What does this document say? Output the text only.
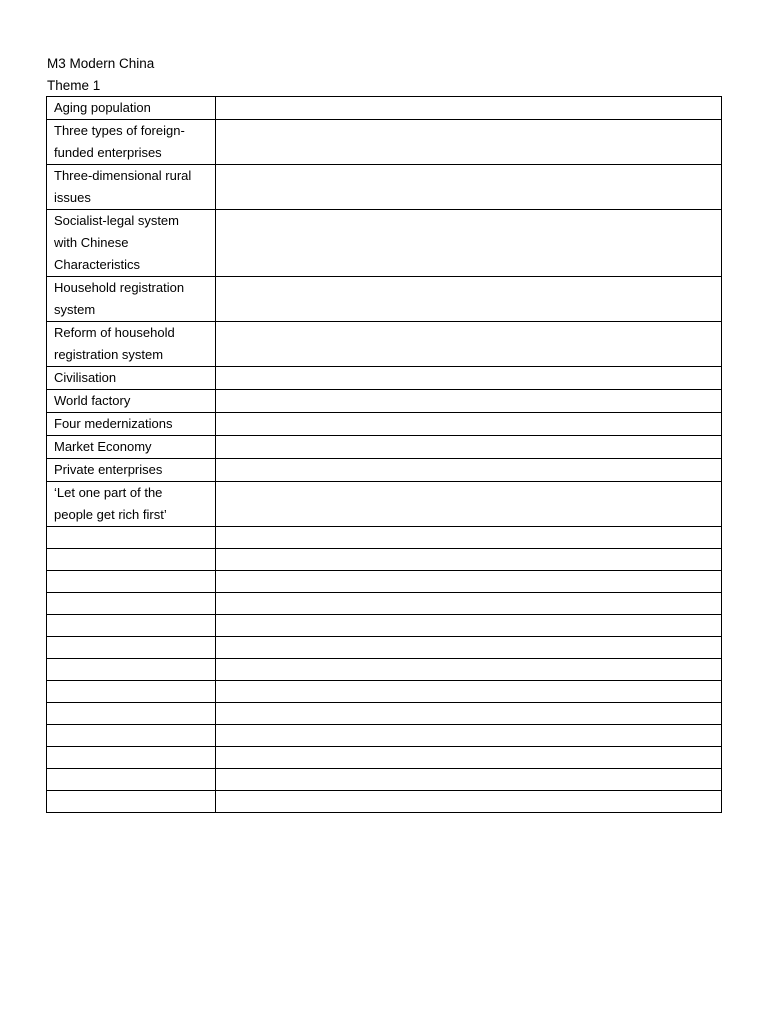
M3 Modern China
Theme 1
Aging population	

Three types of foreign-
funded enterprises	

Three-dimensional rural
issues	

Socialist-legal system
with Chinese
Characteristics	

Household registration
system	

Reform of household
registration system	

Civilisation	

World factory	

Four medernizations	

Market Economy	

Private enterprises	

‘Let one part of the
people get rich first’	
